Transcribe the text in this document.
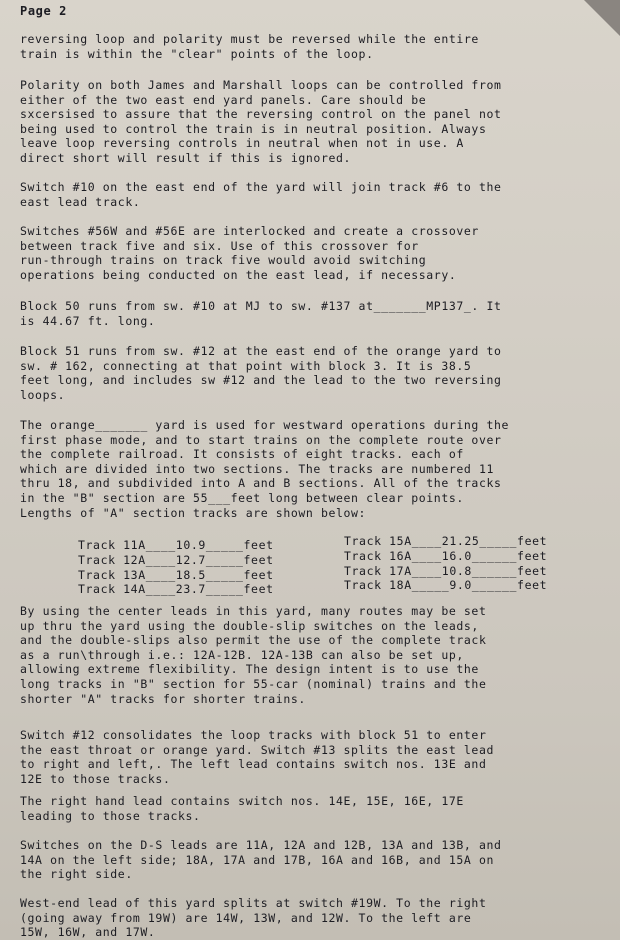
Page 2

reversing loop and polarity must be reversed while the entire
train is within the "clear" points of the loop.

Polarity on both James and Marshall loops can be controlled from
either of the two east end yard panels. Care should be
sxcersised to assure that the reversing control on the panel not
being used to control the train is in neutral position. Always
leave loop reversing controls in neutral when not in use. A
direct short will result if this is ignored.

Switch #10 on the east end of the yard will join track #6 to the
east lead track.

Switches #56W and #56E are interlocked and create a crossover
between track five and six. Use of this crossover for
run-through trains on track five would avoid switching
operations being conducted on the east lead, if necessary.

Block 50 runs from sw. #10 at MJ to sw. #137 at_______MP137_. It
is 44.67 ft. long.

Block 51 runs from sw. #12 at the east end of the orange yard to
sw. # 162, connecting at that point with block 3. It is 38.5
feet long, and includes sw #12 and the lead to the two reversing
loops.

The orange_______ yard is used for westward operations during the
first phase mode, and to start trains on the complete route over
the complete railroad. It consists of eight tracks. each of
which are divided into two sections. The tracks are numbered 11
thru 18, and subdivided into A and B sections. All of the tracks
in the "B" section are 55___feet long between clear points.
Lengths of "A" section tracks are shown below:

Track 11A____10.9_____feet
Track 12A____12.7_____feet
Track 13A____18.5_____feet
Track 14A____23.7_____feet
Track 15A____21.25_____feet
Track 16A____16.0______feet
Track 17A____10.8______feet
Track 18A_____9.0______feet

By using the center leads in this yard, many routes may be set
up thru the yard using the double-slip switches on the leads,
and the double-slips also permit the use of the complete track
as a run\through i.e.: 12A-12B. 12A-13B can also be set up,
allowing extreme flexibility. The design intent is to use the
long tracks in "B" section for 55-car (nominal) trains and the
shorter "A" tracks for shorter trains.

Switch #12 consolidates the loop tracks with block 51 to enter
the east throat or orange yard. Switch #13 splits the east lead
to right and left,. The left lead contains switch nos. 13E and
12E to those tracks.

The right hand lead contains switch nos. 14E, 15E, 16E, 17E
leading to those tracks.

Switches on the D-S leads are 11A, 12A and 12B, 13A and 13B, and
14A on the left side; 18A, 17A and 17B, 16A and 16B, and 15A on
the right side.

West-end lead of this yard splits at switch #19W. To the right
(going away from 19W) are 14W, 13W, and 12W. To the left are
15W, 16W, and 17W.
